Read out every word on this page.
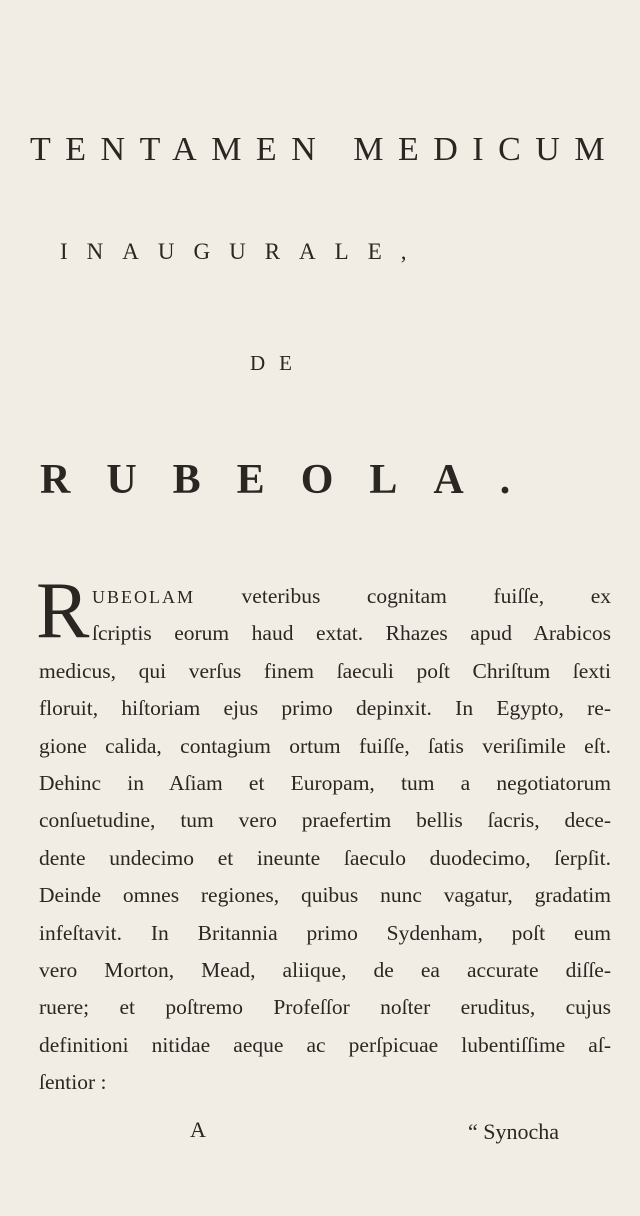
TENTAMEN MEDICUM
INAUGURALE,
DE
RUBEOLA.
R UBEOLAM veteribus cognitam fuiſſe, ex
ſcriptis eorum haud extat. Rhazes apud Arabicos
medicus, qui verſus finem ſaeculi poſt Chriſtum ſexti
floruit, hiſtoriam ejus primo depinxit. In Egypto, re-
gione calida, contagium ortum fuiſſe, ſatis veriſimile eſt.
Dehinc in Aſiam et Europam, tum a negotiatorum
conſuetudine, tum vero praefertim bellis ſacris, dece-
dente undecimo et ineunte ſaeculo duodecimo, ſerpſit.
Deinde omnes regiones, quibus nunc vagatur, gradatim
infeſtavit. In Britannia primo Sydenham, poſt eum
vero Morton, Mead, aliique, de ea accurate diſſe-
ruere; et poſtremo Profeſſor noſter eruditus, cujus
definitioni nitidae aeque ac perſpicuae lubentiſſime aſ-
ſentior :
A	“ Synocha
